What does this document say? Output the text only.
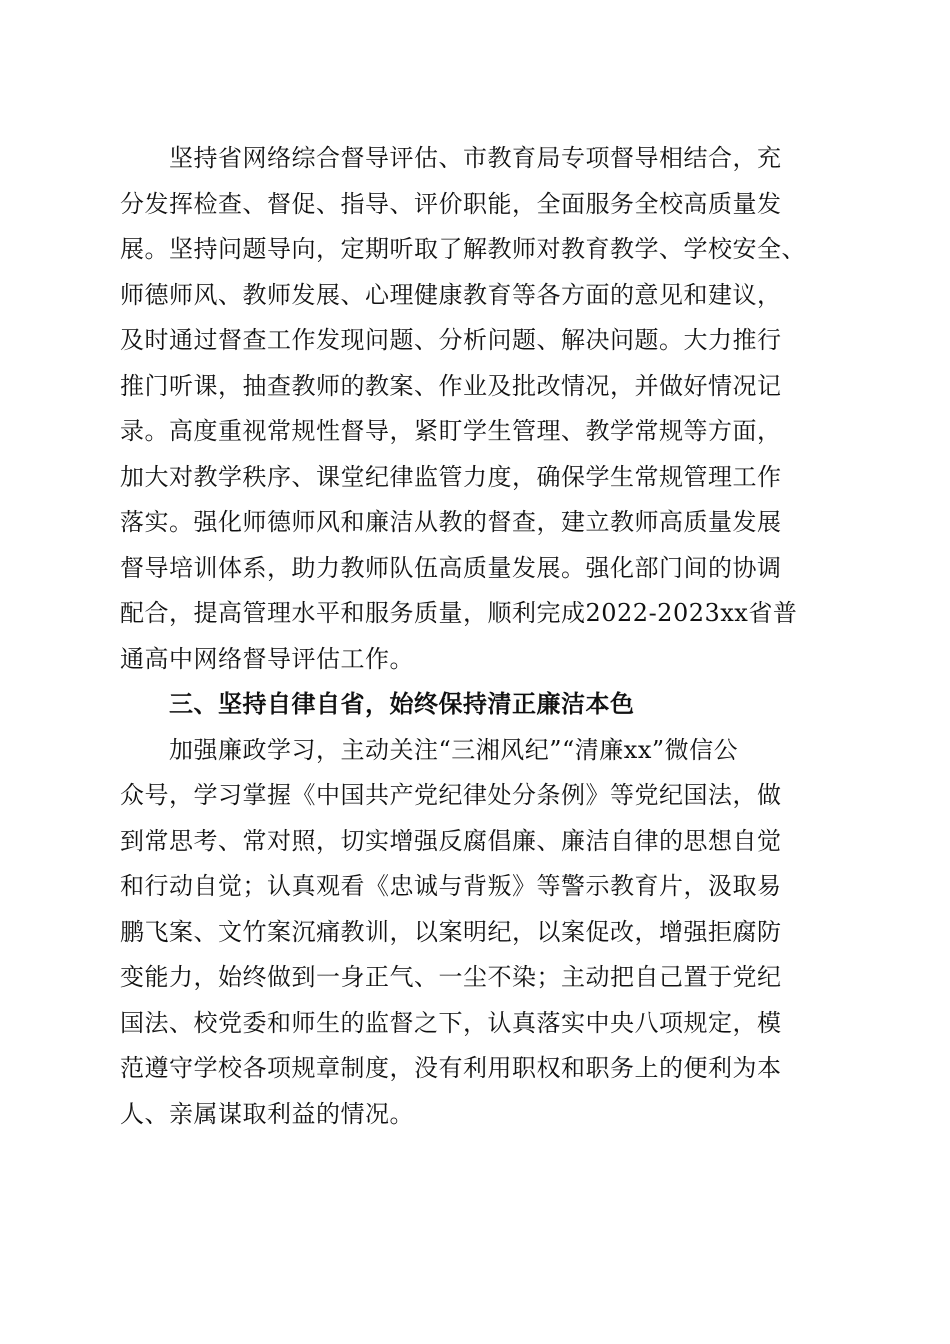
坚持省网络综合督导评估、市教育局专项督导相结合，充
分发挥检查、督促、指导、评价职能，全面服务全校高质量发
展。坚持问题导向，定期听取了解教师对教育教学、学校安全、
师德师风、教师发展、心理健康教育等各方面的意见和建议，
及时通过督查工作发现问题、分析问题、解决问题。大力推行
推门听课，抽查教师的教案、作业及批改情况，并做好情况记
录。高度重视常规性督导，紧盯学生管理、教学常规等方面，
加大对教学秩序、课堂纪律监管力度，确保学生常规管理工作
落实。强化师德师风和廉洁从教的督查，建立教师高质量发展
督导培训体系，助力教师队伍高质量发展。强化部门间的协调
配合，提高管理水平和服务质量，顺利完成2022-2023xx省普
通高中网络督导评估工作。
三、坚持自律自省，始终保持清正廉洁本色
加强廉政学习，主动关注“三湘风纪”“清廉xx”微信公
众号，学习掌握《中国共产党纪律处分条例》等党纪国法，做
到常思考、常对照，切实增强反腐倡廉、廉洁自律的思想自觉
和行动自觉；认真观看《忠诚与背叛》等警示教育片，汲取易
鹏飞案、文竹案沉痛教训，以案明纪，以案促改，增强拒腐防
变能力，始终做到一身正气、一尘不染；主动把自己置于党纪
国法、校党委和师生的监督之下，认真落实中央八项规定，模
范遵守学校各项规章制度，没有利用职权和职务上的便利为本
人、亲属谋取利益的情况。
